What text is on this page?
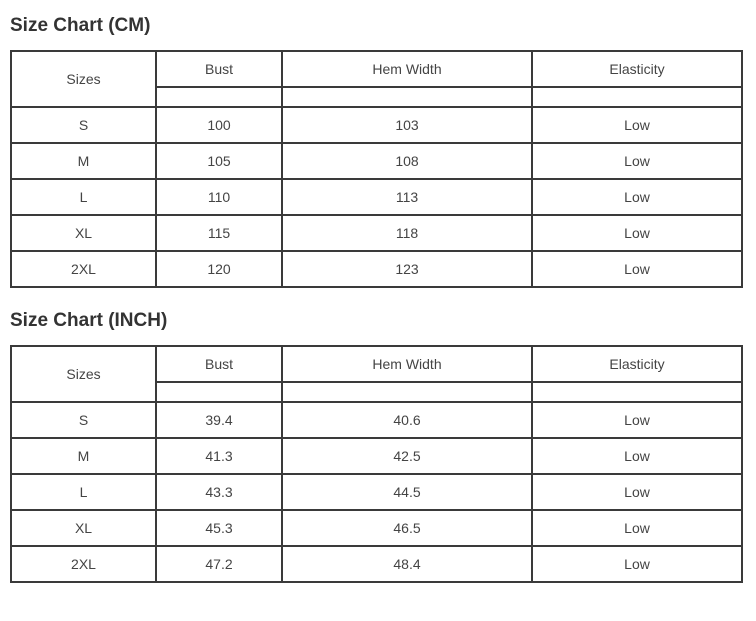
Size Chart (CM)
Sizes	Bust	Hem Width	Elasticity

S	100	103	Low
M	105	108	Low
L	110	113	Low
XL	115	118	Low
2XL	120	123	Low
Size Chart (INCH)
Sizes	Bust	Hem Width	Elasticity

S	39.4	40.6	Low
M	41.3	42.5	Low
L	43.3	44.5	Low
XL	45.3	46.5	Low
2XL	47.2	48.4	Low
